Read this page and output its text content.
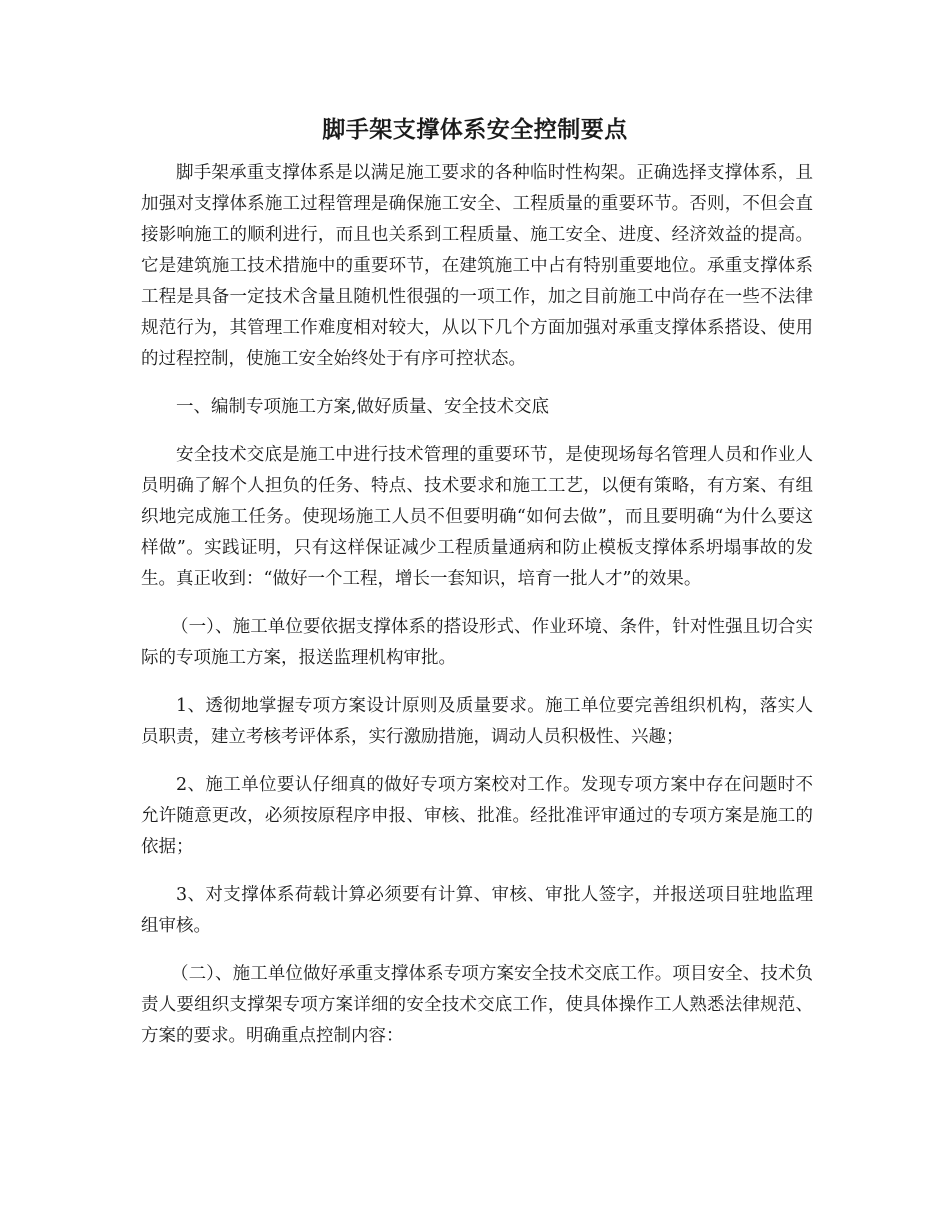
脚手架支撑体系安全控制要点

脚手架承重支撑体系是以满足施工要求的各种临时性构架。正确选择支撑体系，且加强对支撑体系施工过程管理是确保施工安全、工程质量的重要环节。否则，不但会直接影响施工的顺利进行，而且也关系到工程质量、施工安全、进度、经济效益的提高。它是建筑施工技术措施中的重要环节，在建筑施工中占有特别重要地位。承重支撑体系工程是具备一定技术含量且随机性很强的一项工作，加之目前施工中尚存在一些不法律规范行为，其管理工作难度相对较大，从以下几个方面加强对承重支撑体系搭设、使用的过程控制，使施工安全始终处于有序可控状态。

一、编制专项施工方案,做好质量、安全技术交底

安全技术交底是施工中进行技术管理的重要环节，是使现场每名管理人员和作业人员明确了解个人担负的任务、特点、技术要求和施工工艺，以便有策略，有方案、有组织地完成施工任务。使现场施工人员不但要明确“如何去做”，而且要明确“为什么要这样做”。实践证明，只有这样保证减少工程质量通病和防止模板支撑体系坍塌事故的发生。真正收到：“做好一个工程，增长一套知识，培育一批人才”的效果。

（一）、施工单位要依据支撑体系的搭设形式、作业环境、条件，针对性强且切合实际的专项施工方案，报送监理机构审批。

1、透彻地掌握专项方案设计原则及质量要求。施工单位要完善组织机构，落实人员职责，建立考核考评体系，实行激励措施，调动人员积极性、兴趣；

2、施工单位要认仔细真的做好专项方案校对工作。发现专项方案中存在问题时不允许随意更改，必须按原程序申报、审核、批准。经批准评审通过的专项方案是施工的依据；

3、对支撑体系荷载计算必须要有计算、审核、审批人签字，并报送项目驻地监理组审核。

（二）、施工单位做好承重支撑体系专项方案安全技术交底工作。项目安全、技术负责人要组织支撑架专项方案详细的安全技术交底工作，使具体操作工人熟悉法律规范、方案的要求。明确重点控制内容：
